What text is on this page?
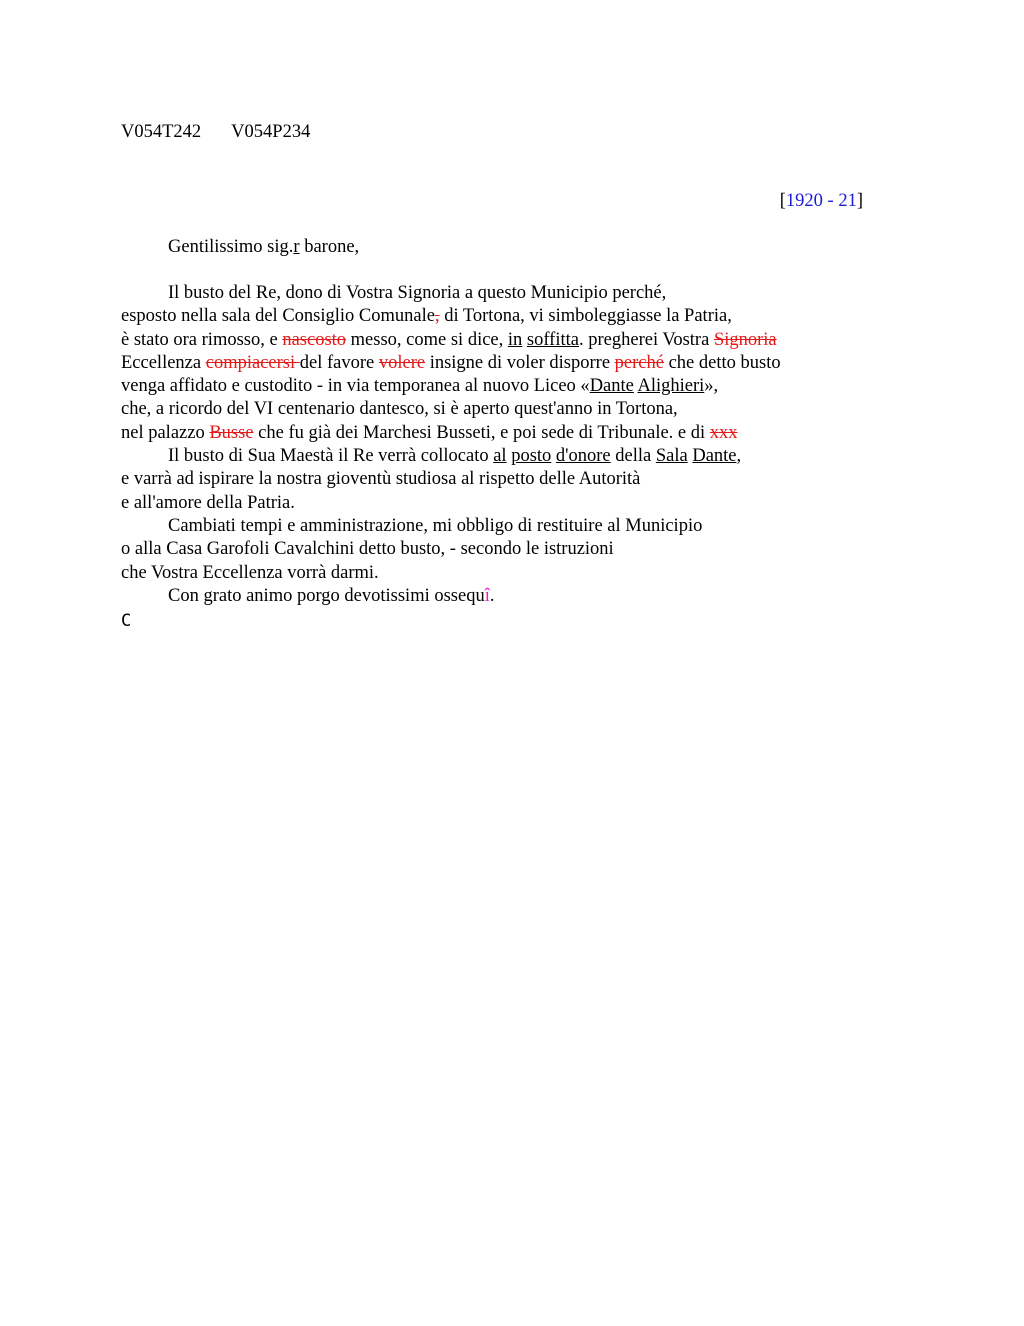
V054T242 V054P234
[1920 - 21]
Gentilissimo sig.r barone,
Il busto del Re, dono di Vostra Signoria a questo Municipio perché,
esposto nella sala del Consiglio Comunale, di Tortona, vi simboleggiasse la Patria,
è stato ora rimosso, e nascosto messo, come si dice, in soffitta. pregherei Vostra Signoria
Eccellenza compiacersi del favore volere insigne di voler disporre perché che detto busto
venga affidato e custodito - in via temporanea al nuovo Liceo «Dante Alighieri»,
che, a ricordo del VI centenario dantesco, si è aperto quest'anno in Tortona,
nel palazzo Busse che fu già dei Marchesi Busseti, e poi sede di Tribunale. e di xxx
Il busto di Sua Maestà il Re verrà collocato al posto d'onore della Sala Dante,
e varrà ad ispirare la nostra gioventù studiosa al rispetto delle Autorità
e all'amore della Patria.
Cambiati tempi e amministrazione, mi obbligo di restituire al Municipio
o alla Casa Garofoli Cavalchini detto busto, - secondo le istruzioni
che Vostra Eccellenza vorrà darmi.
Con grato animo porgo devotissimi ossequî.
C
